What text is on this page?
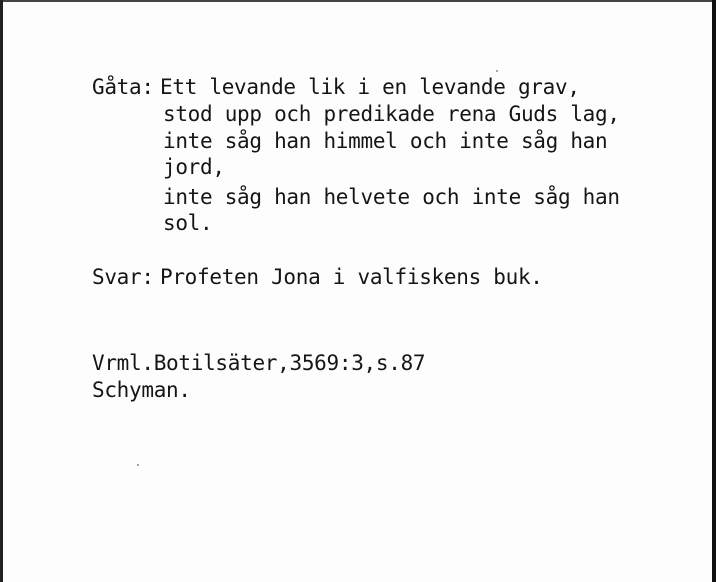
Gåta: Ett levande lik i en levande grav,
stod upp och predikade rena Guds lag,
inte såg han himmel och inte såg han
jord,
inte såg han helvete och inte såg han
sol.
Svar: Profeten Jona i valfiskens buk.
Vrml.Botilsäter,3569:3,s.87
Schyman.
